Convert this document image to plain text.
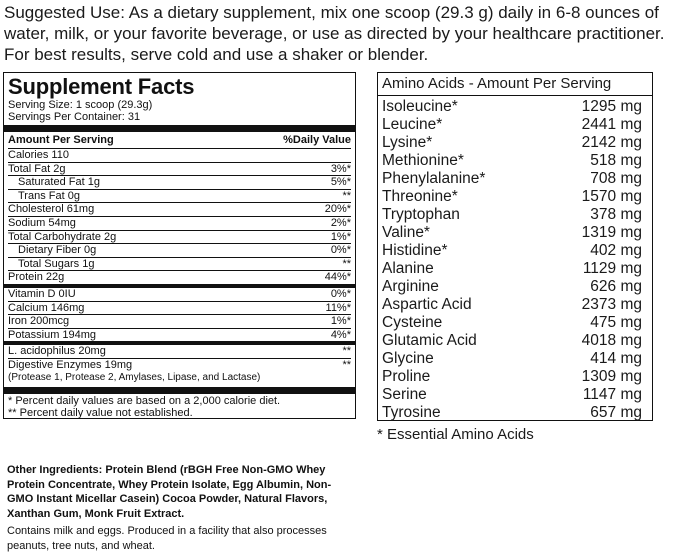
Suggested Use: As a dietary supplement, mix one scoop (29.3 g) daily in 6-8 ounces of water, milk, or your favorite beverage, or use as directed by your healthcare practitioner. For best results, serve cold and use a shaker or blender.
Supplement Facts
Serving Size: 1 scoop (29.3g)
Servings Per Container: 31
Amount Per Serving	%Daily Value
Calories 110
Total Fat 2g	3%*
Saturated Fat 1g	5%*
Trans Fat 0g	**
Cholesterol 61mg	20%*
Sodium 54mg	2%*
Total Carbohydrate 2g	1%*
Dietary Fiber 0g	0%*
Total Sugars 1g	**
Protein 22g	44%*
Vitamin D 0IU	0%*
Calcium 146mg	11%*
Iron 200mcg	1%*
Potassium 194mg	4%*
L. acidophilus 20mg	**
Digestive Enzymes 19mg	**
(Protease 1, Protease 2, Amylases, Lipase, and Lactase)
* Percent daily values are based on a 2,000 calorie diet.
** Percent daily value not established.
Other Ingredients: Protein Blend (rBGH Free Non-GMO Whey Protein Concentrate, Whey Protein Isolate, Egg Albumin, Non-GMO Instant Micellar Casein) Cocoa Powder, Natural Flavors, Xanthan Gum, Monk Fruit Extract.
Contains milk and eggs. Produced in a facility that also processes peanuts, tree nuts, and wheat.
Amino Acids - Amount Per Serving
Isoleucine*	1295 mg
Leucine*	2441 mg
Lysine*	2142 mg
Methionine*	518 mg
Phenylalanine*	708 mg
Threonine*	1570 mg
Tryptophan	378 mg
Valine*	1319 mg
Histidine*	402 mg
Alanine	1129 mg
Arginine	626 mg
Aspartic Acid	2373 mg
Cysteine	475 mg
Glutamic Acid	4018 mg
Glycine	414 mg
Proline	1309 mg
Serine	1147 mg
Tyrosine	657 mg
* Essential Amino Acids
